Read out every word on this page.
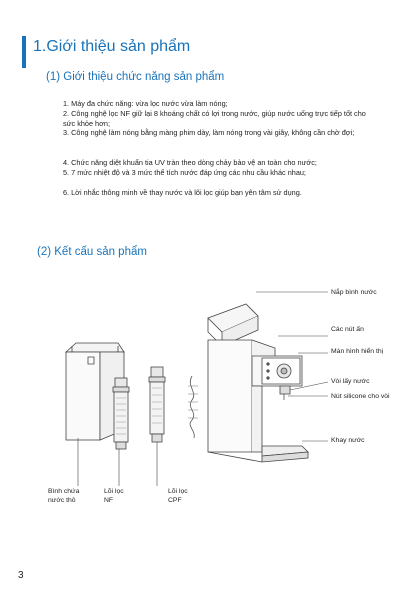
1.Giới thiệu sản phẩm
(1) Giới thiệu chức năng sản phẩm
1. Máy đa chức năng: vừa lọc nước vừa làm nóng;
2. Công nghệ lọc NF giữ lại 8 khoáng chất có lợi trong nước, giúp nước uống trực tiếp tốt cho sức khỏe hơn;
3. Công nghệ làm nóng bằng màng phim dày, làm nóng trong vài giây, không cần chờ đợi;
4. Chức năng diệt khuẩn tia UV tràn theo dòng chảy bảo vệ an toàn cho nước;
5. 7 mức nhiệt độ và 3 mức thể tích nước đáp ứng các nhu cầu khác nhau;
6. Lời nhắc thông minh về thay nước và lõi lọc giúp bạn yên tâm sử dụng.
(2) Kết cấu sản phẩm
Nắp bình nước
Các nút ấn
Màn hình hiển thị
Vòi lấy nước
Nút silicone cho vòi
Khay nước
Bình chứa nước thô
Lõi lọc NF
Lõi lọc CPF
3
